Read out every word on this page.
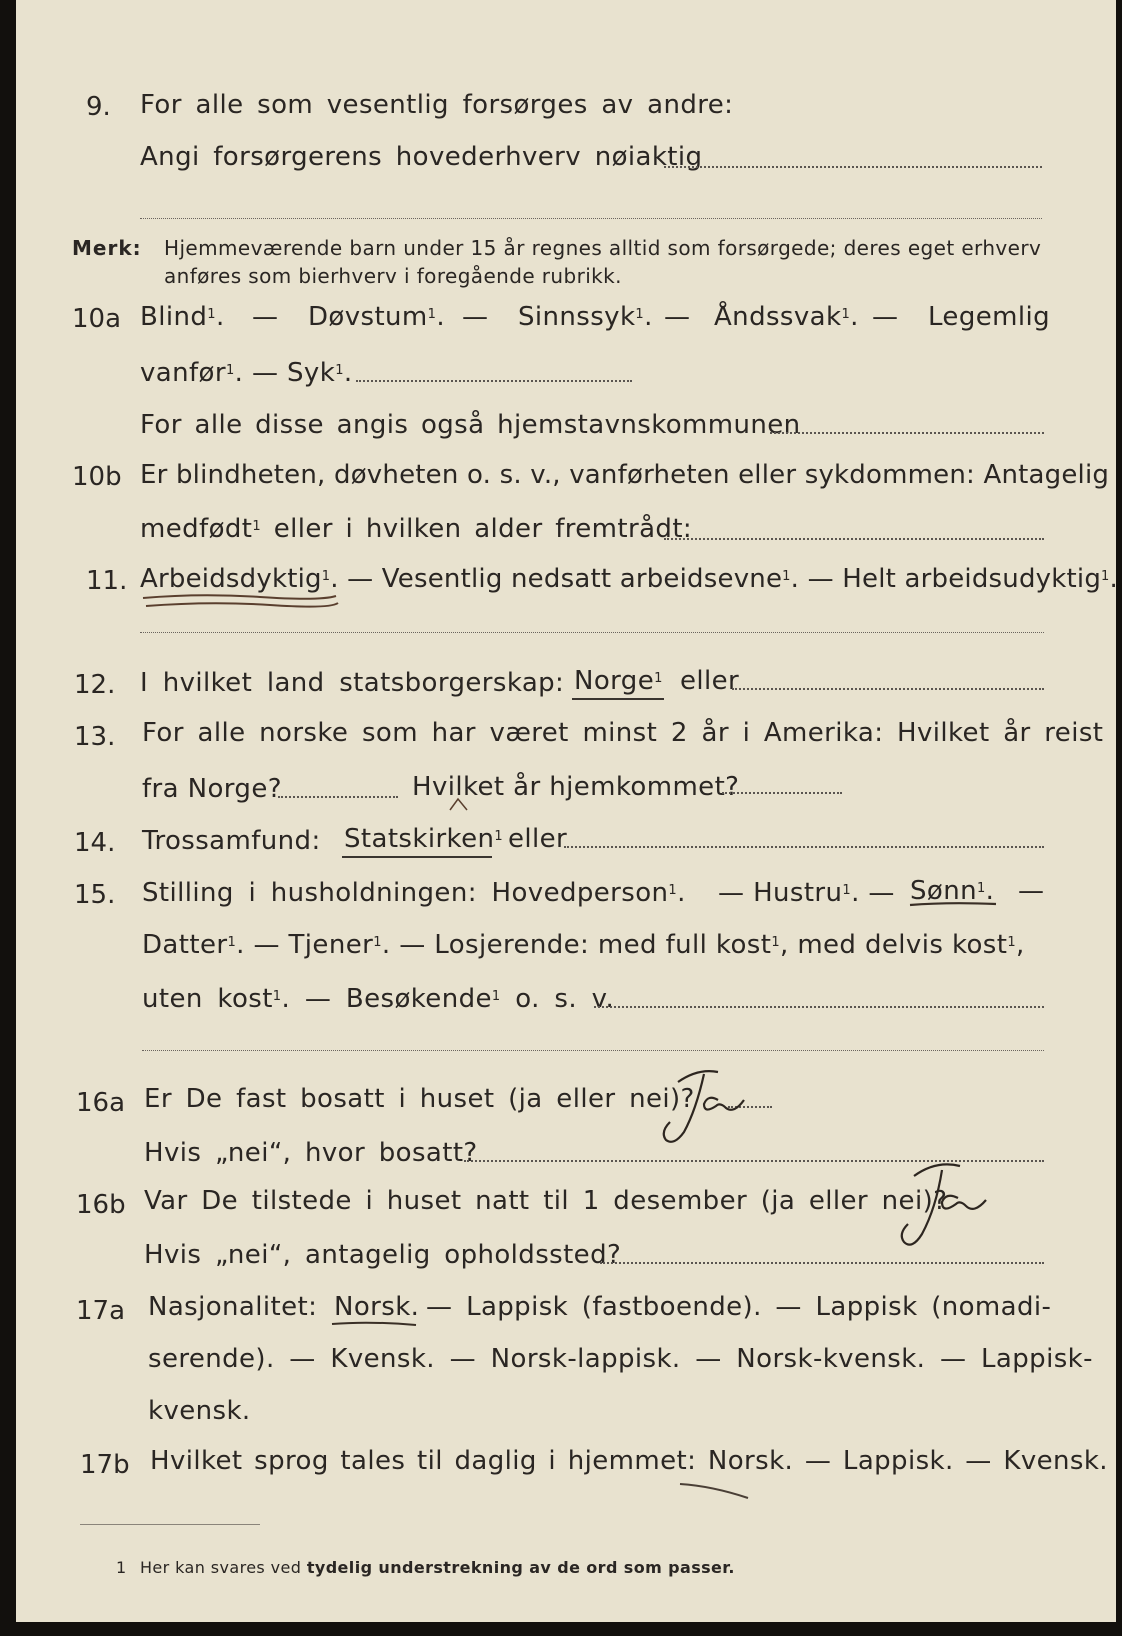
9. For alle som vesentlig forsørges av andre:
Angi forsørgerens hovederhverv nøiaktig
Merk: Hjemmeværende barn under 15 år regnes alltid som forsørgede; deres eget erhverv
anføres som bierhverv i foregående rubrikk.
10a Blind$^1$. — Døvstum$^1$. — Sinnssyk$^1$. — Åndssvak$^1$. — Legemlig
vanfør$^1$. — Syk$^1$.
For alle disse angis også hjemstavnskommunen
10b Er blindheten, døvheten o. s. v., vanførheten eller sykdommen: Antagelig
medfødt$^1$ eller i hvilken alder fremtrådt:
11. Arbeidsdyktig$^1$. — Vesentlig nedsatt arbeidsevne$^1$. — Helt arbeidsudyktig$^1$.
12. I hvilket land statsborgerskap: Norge$^1$ eller
13. For alle norske som har været minst 2 år i Amerika: Hvilket år reist
fra Norge?	Hvilket år hjemkommet?
14. Trossamfund: Statskirken$^1$ eller
15. Stilling i husholdningen: Hovedperson$^1$. — Hustru$^1$. — Sønn$^1$. —
Datter$^1$. — Tjener$^1$. — Losjerende: med full kost$^1$, med delvis kost$^1$,
uten kost$^1$. — Besøkende$^1$ o. s. v.
16a Er De fast bosatt i huset (ja eller nei)?
Hvis „nei“, hvor bosatt?
16b Var De tilstede i huset natt til 1 desember (ja eller nei)?
Hvis „nei“, antagelig opholdssted?
17a Nasjonalitet: Norsk. — Lappisk (fastboende). — Lappisk (nomadi-
serende). — Kvensk. — Norsk-lappisk. — Norsk-kvensk. — Lappisk-
kvensk.
17b Hvilket sprog tales til daglig i hjemmet: Norsk. — Lappisk. — Kvensk.
1 Her kan svares ved tydelig understrekning av de ord som passer.
